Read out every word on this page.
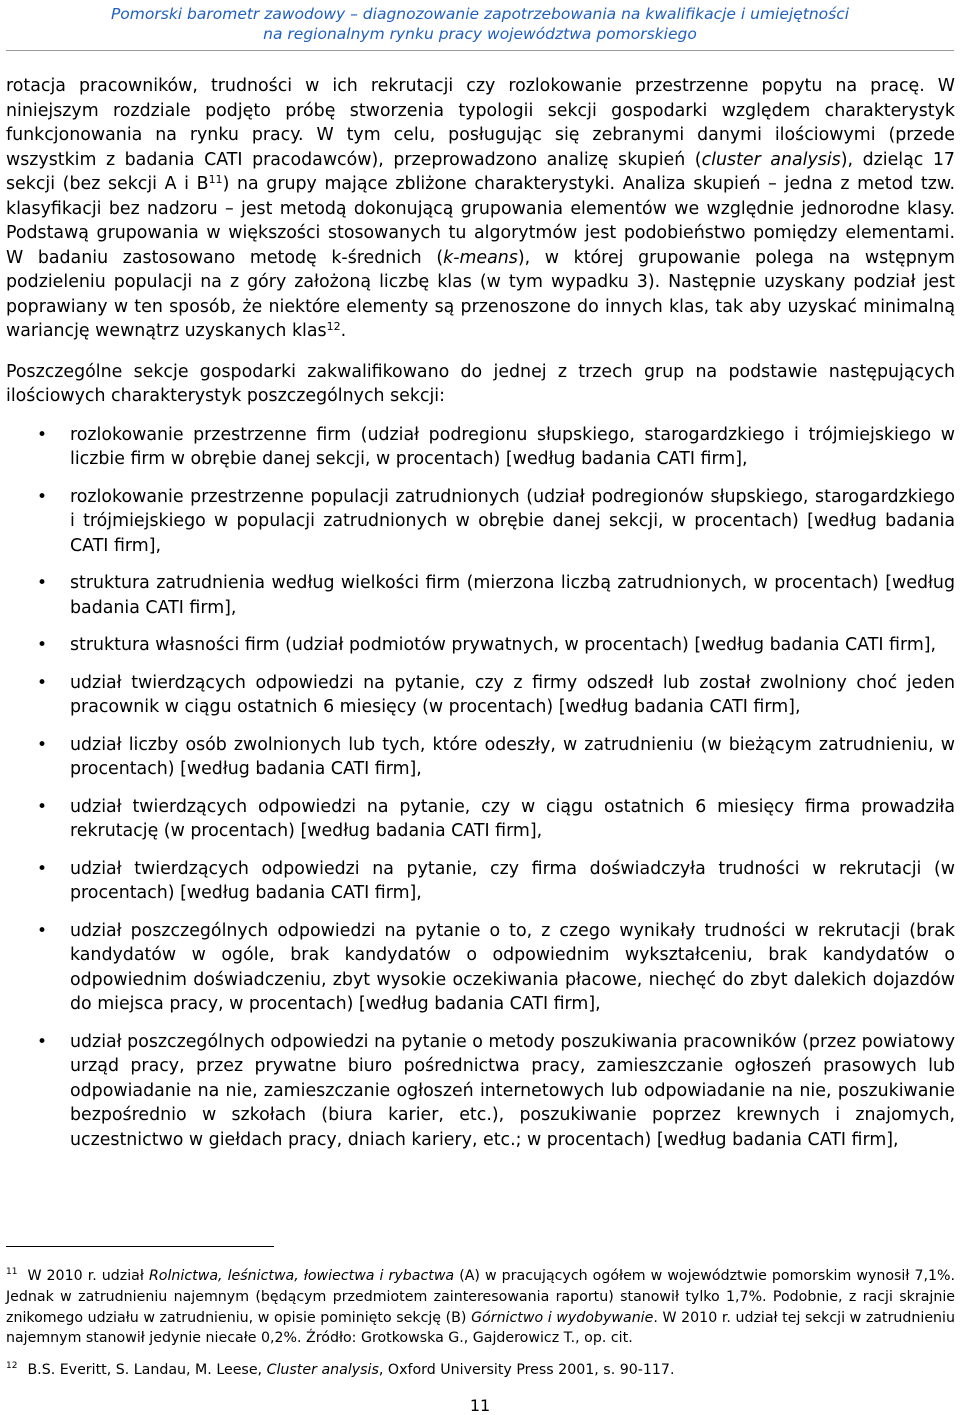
Pomorski barometr zawodowy – diagnozowanie zapotrzebowania na kwalifikacje i umiejętności
na regionalnym rynku pracy województwa pomorskiego

rotacja pracowników, trudności w ich rekrutacji czy rozlokowanie przestrzenne popytu na pracę. W niniejszym rozdziale podjęto próbę stworzenia typologii sekcji gospodarki względem charakterystyk funkcjonowania na rynku pracy. W tym celu, posługując się zebranymi danymi ilościowymi (przede wszystkim z badania CATI pracodawców), przeprowadzono analizę skupień (cluster analysis), dzieląc 17 sekcji (bez sekcji A i $B^{11}$) na grupy mające zbliżone charakterystyki. Analiza skupień – jedna z metod tzw. klasyfikacji bez nadzoru – jest metodą dokonującą grupowania elementów we względnie jednorodne klasy. Podstawą grupowania w większości stosowanych tu algorytmów jest podobieństwo pomiędzy elementami. W badaniu zastosowano metodę k-średnich (k-means), w której grupowanie polega na wstępnym podzieleniu populacji na z góry założoną liczbę klas (w tym wypadku 3). Następnie uzyskany podział jest poprawiany w ten sposób, że niektóre elementy są przenoszone do innych klas, tak aby uzyskać minimalną wariancję wewnątrz uzyskanych klas$^{12}$.

Poszczególne sekcje gospodarki zakwalifikowano do jednej z trzech grup na podstawie następujących ilościowych charakterystyk poszczególnych sekcji:

• rozlokowanie przestrzenne firm (udział podregionu słupskiego, starogardzkiego i trójmiejskiego w liczbie firm w obrębie danej sekcji, w procentach) [według badania CATI firm],
• rozlokowanie przestrzenne populacji zatrudnionych (udział podregionów słupskiego, starogardzkiego i trójmiejskiego w populacji zatrudnionych w obrębie danej sekcji, w procentach) [według badania CATI firm],
• struktura zatrudnienia według wielkości firm (mierzona liczbą zatrudnionych, w procentach) [według badania CATI firm],
• struktura własności firm (udział podmiotów prywatnych, w procentach) [według badania CATI firm],
• udział twierdzących odpowiedzi na pytanie, czy z firmy odszedł lub został zwolniony choć jeden pracownik w ciągu ostatnich 6 miesięcy (w procentach) [według badania CATI firm],
• udział liczby osób zwolnionych lub tych, które odeszły, w zatrudnieniu (w bieżącym zatrudnieniu, w procentach) [według badania CATI firm],
• udział twierdzących odpowiedzi na pytanie, czy w ciągu ostatnich 6 miesięcy firma prowadziła rekrutację (w procentach) [według badania CATI firm],
• udział twierdzących odpowiedzi na pytanie, czy firma doświadczyła trudności w rekrutacji (w procentach) [według badania CATI firm],
• udział poszczególnych odpowiedzi na pytanie o to, z czego wynikały trudności w rekrutacji (brak kandydatów w ogóle, brak kandydatów o odpowiednim wykształceniu, brak kandydatów o odpowiednim doświadczeniu, zbyt wysokie oczekiwania płacowe, niechęć do zbyt dalekich dojazdów do miejsca pracy, w procentach) [według badania CATI firm],
• udział poszczególnych odpowiedzi na pytanie o metody poszukiwania pracowników (przez powiatowy urząd pracy, przez prywatne biuro pośrednictwa pracy, zamieszczanie ogłoszeń prasowych lub odpowiadanie na nie, zamieszczanie ogłoszeń internetowych lub odpowiadanie na nie, poszukiwanie bezpośrednio w szkołach (biura karier, etc.), poszukiwanie poprzez krewnych i znajomych, uczestnictwo w giełdach pracy, dniach kariery, etc.; w procentach) [według badania CATI firm],

$^{11}$ W 2010 r. udział Rolnictwa, leśnictwa, łowiectwa i rybactwa (A) w pracujących ogółem w województwie pomorskim wynosił 7,1%. Jednak w zatrudnieniu najemnym (będącym przedmiotem zainteresowania raportu) stanowił tylko 1,7%. Podobnie, z racji skrajnie znikomego udziału w zatrudnieniu, w opisie pominięto sekcję (B) Górnictwo i wydobywanie. W 2010 r. udział tej sekcji w zatrudnieniu najemnym stanowił jedynie niecałe 0,2%. Źródło: Grotkowska G., Gajderowicz T., op. cit.

$^{12}$ B.S. Everitt, S. Landau, M. Leese, Cluster analysis, Oxford University Press 2001, s. 90-117.

11
